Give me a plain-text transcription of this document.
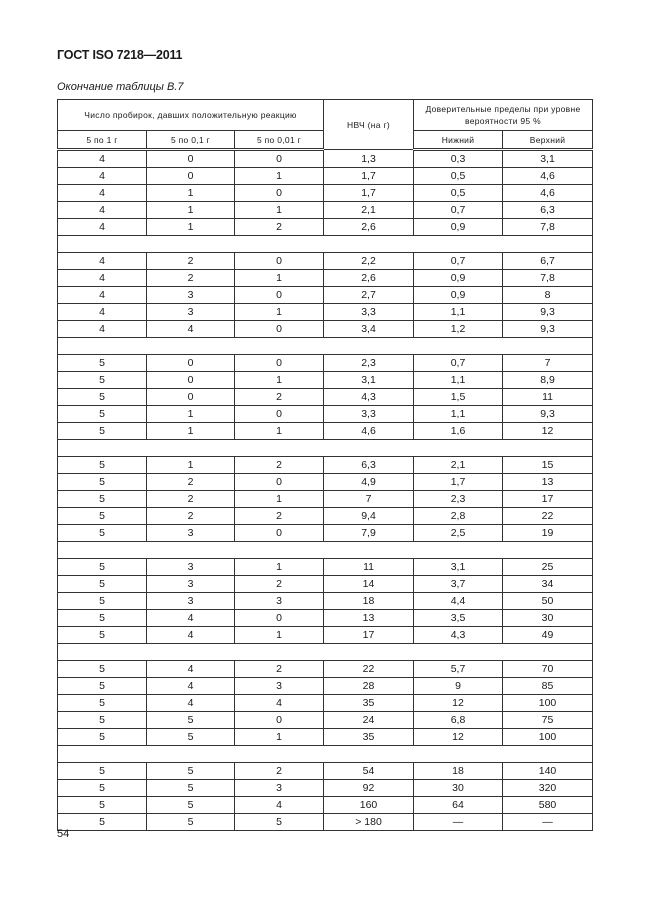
ГОСТ ISO 7218—2011
Окончание таблицы В.7
Число пробирок, давших положительную реакцию			НВЧ (на г)	Доверительные пределы при уровне вероятности 95 %	
5 по 1 г	5 по 0,1 г	5 по 0,01 г		Нижний	Верхний
4	0	0	1,3	0,3	3,1
4	0	1	1,7	0,5	4,6
4	1	0	1,7	0,5	4,6
4	1	1	2,1	0,7	6,3
4	1	2	2,6	0,9	7,8

4	2	0	2,2	0,7	6,7
4	2	1	2,6	0,9	7,8
4	3	0	2,7	0,9	8
4	3	1	3,3	1,1	9,3
4	4	0	3,4	1,2	9,3

5	0	0	2,3	0,7	7
5	0	1	3,1	1,1	8,9
5	0	2	4,3	1,5	11
5	1	0	3,3	1,1	9,3
5	1	1	4,6	1,6	12

5	1	2	6,3	2,1	15
5	2	0	4,9	1,7	13
5	2	1	7	2,3	17
5	2	2	9,4	2,8	22
5	3	0	7,9	2,5	19

5	3	1	11	3,1	25
5	3	2	14	3,7	34
5	3	3	18	4,4	50
5	4	0	13	3,5	30
5	4	1	17	4,3	49

5	4	2	22	5,7	70
5	4	3	28	9	85
5	4	4	35	12	100
5	5	0	24	6,8	75
5	5	1	35	12	100

5	5	2	54	18	140
5	5	3	92	30	320
5	5	4	160	64	580
5	5	5	> 180	—	—
54
